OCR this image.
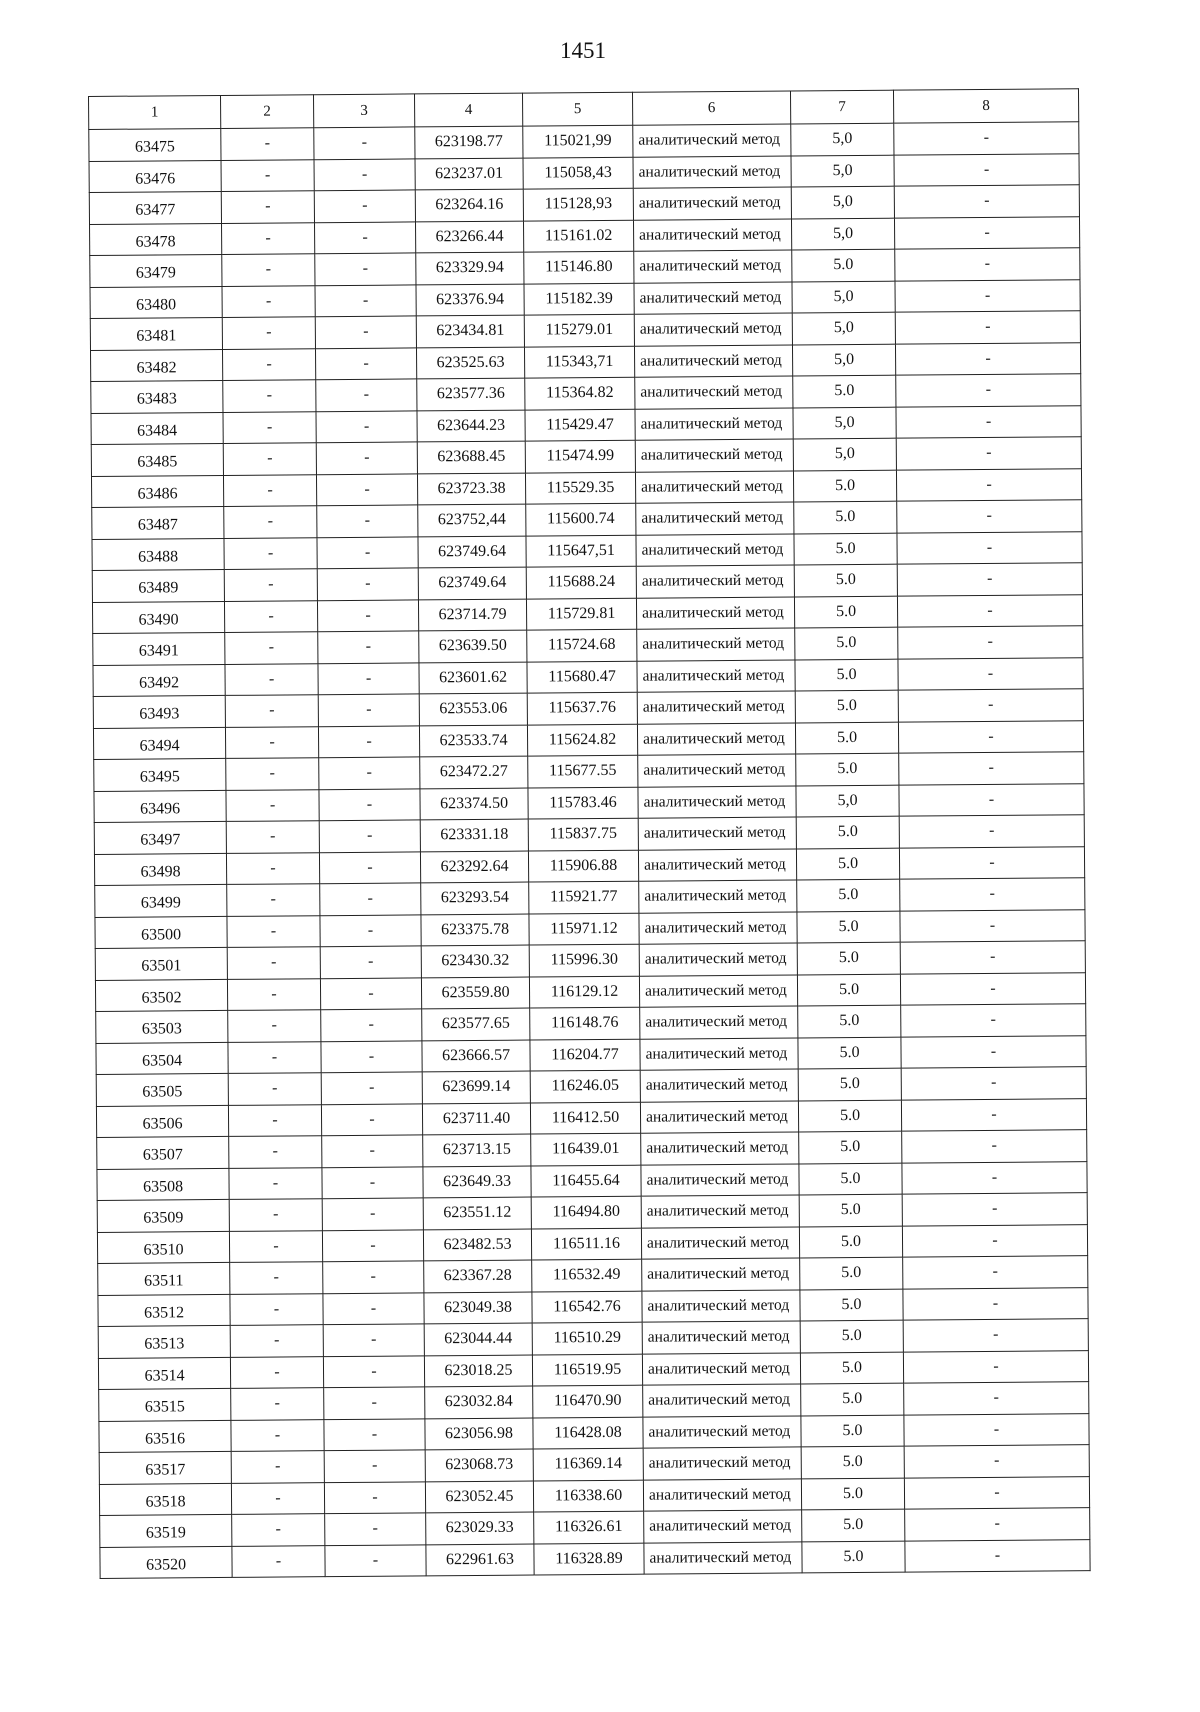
1451
1	2	3	4	5	6	7	8
63475	-	-	623198.77	115021,99	аналитический метод	5,0	-
63476	-	-	623237.01	115058,43	аналитический метод	5,0	-
63477	-	-	623264.16	115128,93	аналитический метод	5,0	-
63478	-	-	623266.44	115161.02	аналитический метод	5,0	-
63479	-	-	623329.94	115146.80	аналитический метод	5.0	-
63480	-	-	623376.94	115182.39	аналитический метод	5,0	-
63481	-	-	623434.81	115279.01	аналитический метод	5,0	-
63482	-	-	623525.63	115343,71	аналитический метод	5,0	-
63483	-	-	623577.36	115364.82	аналитический метод	5.0	-
63484	-	-	623644.23	115429.47	аналитический метод	5,0	-
63485	-	-	623688.45	115474.99	аналитический метод	5,0	-
63486	-	-	623723.38	115529.35	аналитический метод	5.0	-
63487	-	-	623752,44	115600.74	аналитический метод	5.0	-
63488	-	-	623749.64	115647,51	аналитический метод	5.0	-
63489	-	-	623749.64	115688.24	аналитический метод	5.0	-
63490	-	-	623714.79	115729.81	аналитический метод	5.0	-
63491	-	-	623639.50	115724.68	аналитический метод	5.0	-
63492	-	-	623601.62	115680.47	аналитический метод	5.0	-
63493	-	-	623553.06	115637.76	аналитический метод	5.0	-
63494	-	-	623533.74	115624.82	аналитический метод	5.0	-
63495	-	-	623472.27	115677.55	аналитический метод	5.0	-
63496	-	-	623374.50	115783.46	аналитический метод	5,0	-
63497	-	-	623331.18	115837.75	аналитический метод	5.0	-
63498	-	-	623292.64	115906.88	аналитический метод	5.0	-
63499	-	-	623293.54	115921.77	аналитический метод	5.0	-
63500	-	-	623375.78	115971.12	аналитический метод	5.0	-
63501	-	-	623430.32	115996.30	аналитический метод	5.0	-
63502	-	-	623559.80	116129.12	аналитический метод	5.0	-
63503	-	-	623577.65	116148.76	аналитический метод	5.0	-
63504	-	-	623666.57	116204.77	аналитический метод	5.0	-
63505	-	-	623699.14	116246.05	аналитический метод	5.0	-
63506	-	-	623711.40	116412.50	аналитический метод	5.0	-
63507	-	-	623713.15	116439.01	аналитический метод	5.0	-
63508	-	-	623649.33	116455.64	аналитический метод	5.0	-
63509	-	-	623551.12	116494.80	аналитический метод	5.0	-
63510	-	-	623482.53	116511.16	аналитический метод	5.0	-
63511	-	-	623367.28	116532.49	аналитический метод	5.0	-
63512	-	-	623049.38	116542.76	аналитический метод	5.0	-
63513	-	-	623044.44	116510.29	аналитический метод	5.0	-
63514	-	-	623018.25	116519.95	аналитический метод	5.0	-
63515	-	-	623032.84	116470.90	аналитический метод	5.0	-
63516	-	-	623056.98	116428.08	аналитический метод	5.0	-
63517	-	-	623068.73	116369.14	аналитический метод	5.0	-
63518	-	-	623052.45	116338.60	аналитический метод	5.0	-
63519	-	-	623029.33	116326.61	аналитический метод	5.0	-
63520	-	-	622961.63	116328.89	аналитический метод	5.0	-
